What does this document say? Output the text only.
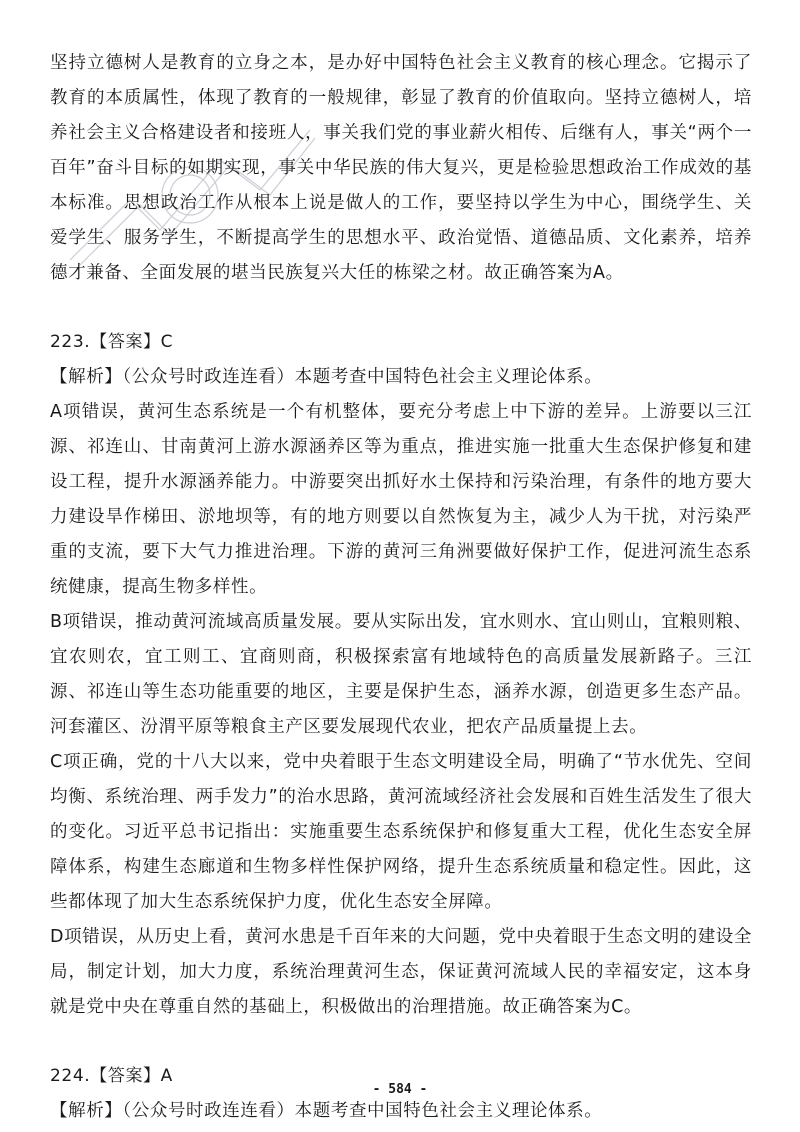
坚持立德树人是教育的立身之本，是办好中国特色社会主义教育的核心理念。它揭示了教育的本质属性，体现了教育的一般规律，彰显了教育的价值取向。坚持立德树人，培养社会主义合格建设者和接班人，事关我们党的事业薪火相传、后继有人，事关“两个一百年”奋斗目标的如期实现，事关中华民族的伟大复兴，更是检验思想政治工作成效的基本标准。思想政治工作从根本上说是做人的工作，要坚持以学生为中心，围绕学生、关爱学生、服务学生，不断提高学生的思想水平、政治觉悟、道德品质、文化素养，培养德才兼备、全面发展的堪当民族复兴大任的栋梁之材。故正确答案为A。

223.【答案】C

【解析】（公众号时政连连看）本题考查中国特色社会主义理论体系。

A项错误，黄河生态系统是一个有机整体，要充分考虑上中下游的差异。上游要以三江源、祁连山、甘南黄河上游水源涵养区等为重点，推进实施一批重大生态保护修复和建设工程，提升水源涵养能力。中游要突出抓好水土保持和污染治理，有条件的地方要大力建设旱作梯田、淤地坝等，有的地方则要以自然恢复为主，减少人为干扰，对污染严重的支流，要下大气力推进治理。下游的黄河三角洲要做好保护工作，促进河流生态系统健康，提高生物多样性。

B项错误，推动黄河流域高质量发展。要从实际出发，宜水则水、宜山则山，宜粮则粮、宜农则农，宜工则工、宜商则商，积极探索富有地域特色的高质量发展新路子。三江源、祁连山等生态功能重要的地区，主要是保护生态，涵养水源，创造更多生态产品。河套灌区、汾渭平原等粮食主产区要发展现代农业，把农产品质量提上去。

C项正确，党的十八大以来，党中央着眼于生态文明建设全局，明确了“节水优先、空间均衡、系统治理、两手发力”的治水思路，黄河流域经济社会发展和百姓生活发生了很大的变化。习近平总书记指出：实施重要生态系统保护和修复重大工程，优化生态安全屏障体系，构建生态廊道和生物多样性保护网络，提升生态系统质量和稳定性。因此，这些都体现了加大生态系统保护力度，优化生态安全屏障。

D项错误，从历史上看，黄河水患是千百年来的大问题，党中央着眼于生态文明的建设全局，制定计划，加大力度，系统治理黄河生态，保证黄河流域人民的幸福安定，这本身就是党中央在尊重自然的基础上，积极做出的治理措施。故正确答案为C。

224.【答案】A

【解析】（公众号时政连连看）本题考查中国特色社会主义理论体系。

- 584 -
